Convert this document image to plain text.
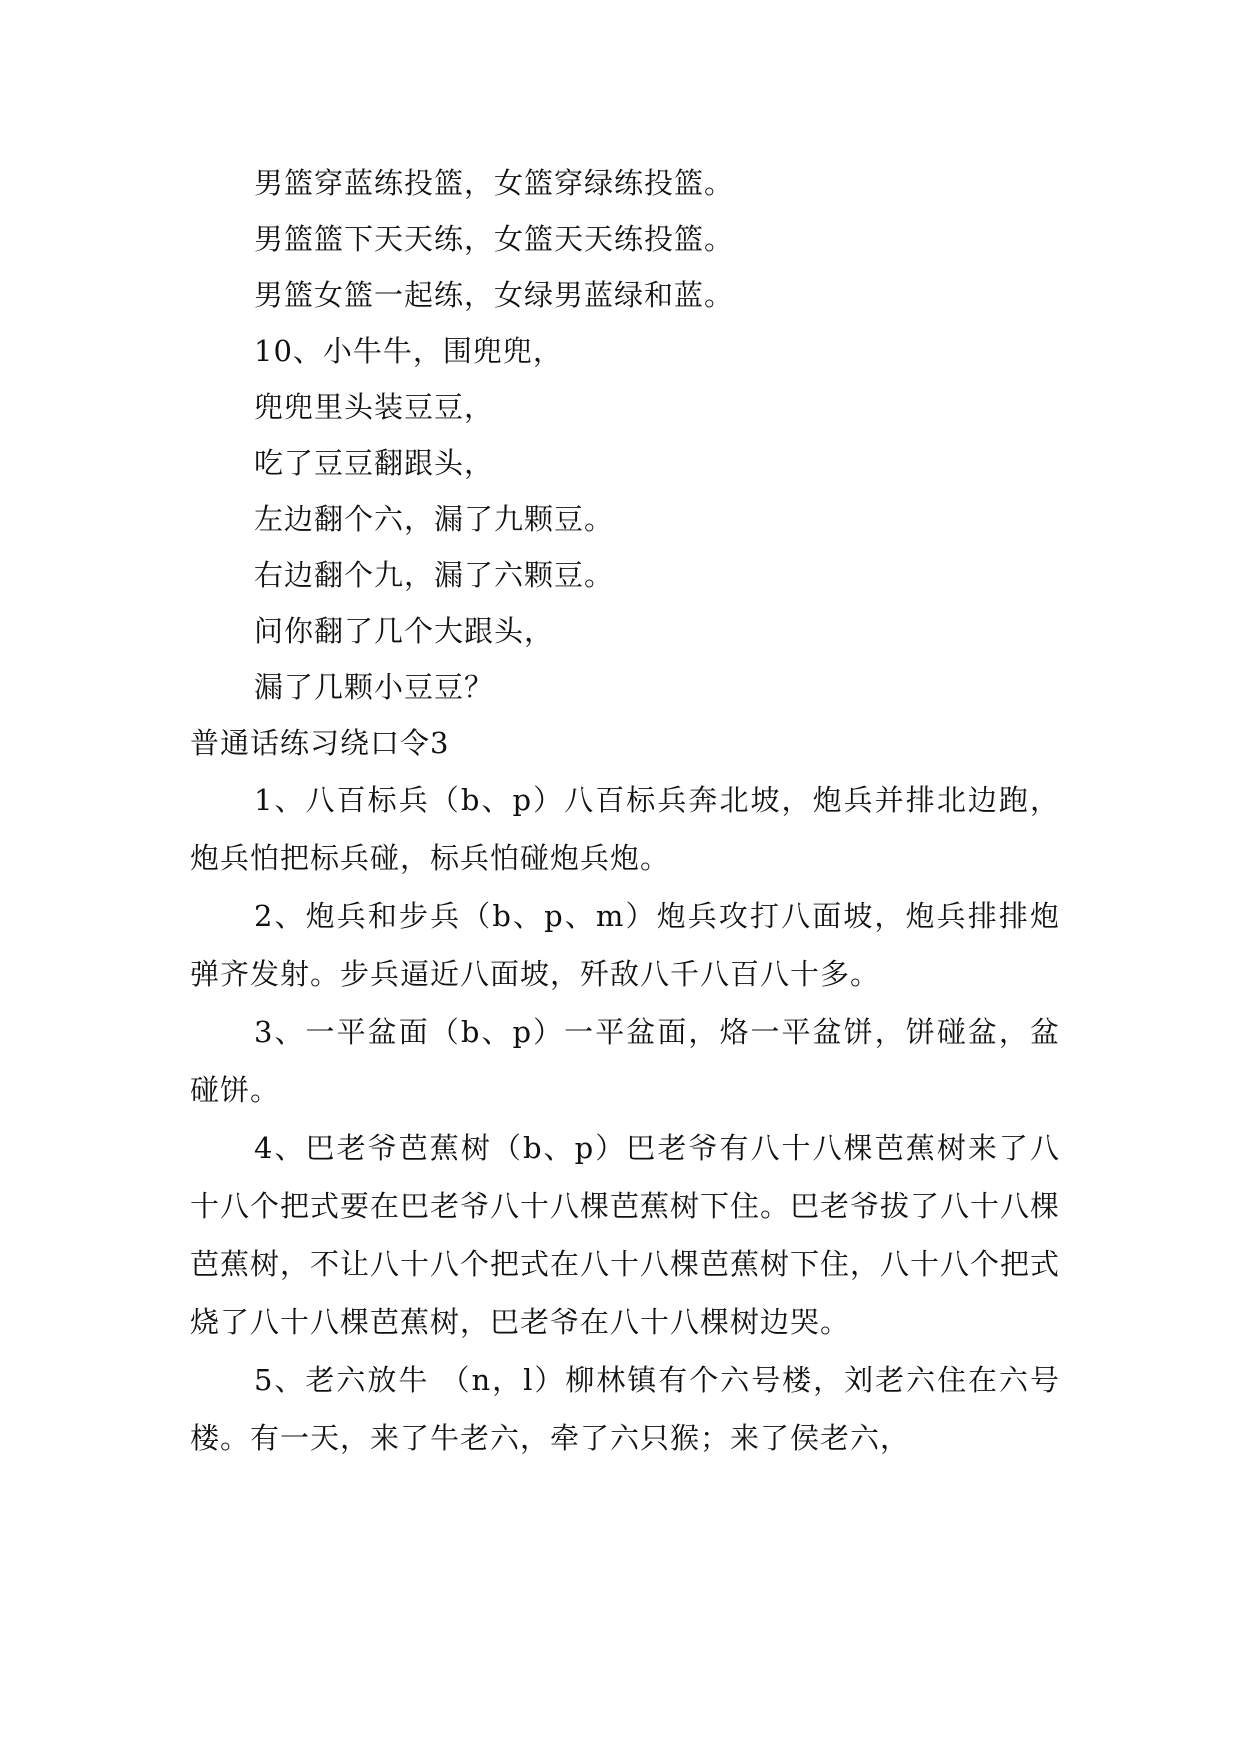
男篮穿蓝练投篮，女篮穿绿练投篮。
男篮篮下天天练，女篮天天练投篮。
男篮女篮一起练，女绿男蓝绿和蓝。
10、小牛牛，围兜兜，
兜兜里头装豆豆，
吃了豆豆翻跟头，
左边翻个六，漏了九颗豆。
右边翻个九，漏了六颗豆。
问你翻了几个大跟头，
漏了几颗小豆豆？
普通话练习绕口令3

1、八百标兵（b、p）八百标兵奔北坡，炮兵并排北边跑，炮兵怕把标兵碰，标兵怕碰炮兵炮。

2、炮兵和步兵（b、p、m）炮兵攻打八面坡，炮兵排排炮弹齐发射。步兵逼近八面坡，歼敌八千八百八十多。

3、一平盆面（b、p）一平盆面，烙一平盆饼，饼碰盆，盆碰饼。

4、巴老爷芭蕉树（b、p）巴老爷有八十八棵芭蕉树来了八十八个把式要在巴老爷八十八棵芭蕉树下住。巴老爷拔了八十八棵芭蕉树，不让八十八个把式在八十八棵芭蕉树下住，八十八个把式烧了八十八棵芭蕉树，巴老爷在八十八棵树边哭。

5、老六放牛 （n，l）柳林镇有个六号楼，刘老六住在六号楼。有一天，来了牛老六，牵了六只猴；来了侯老六，
